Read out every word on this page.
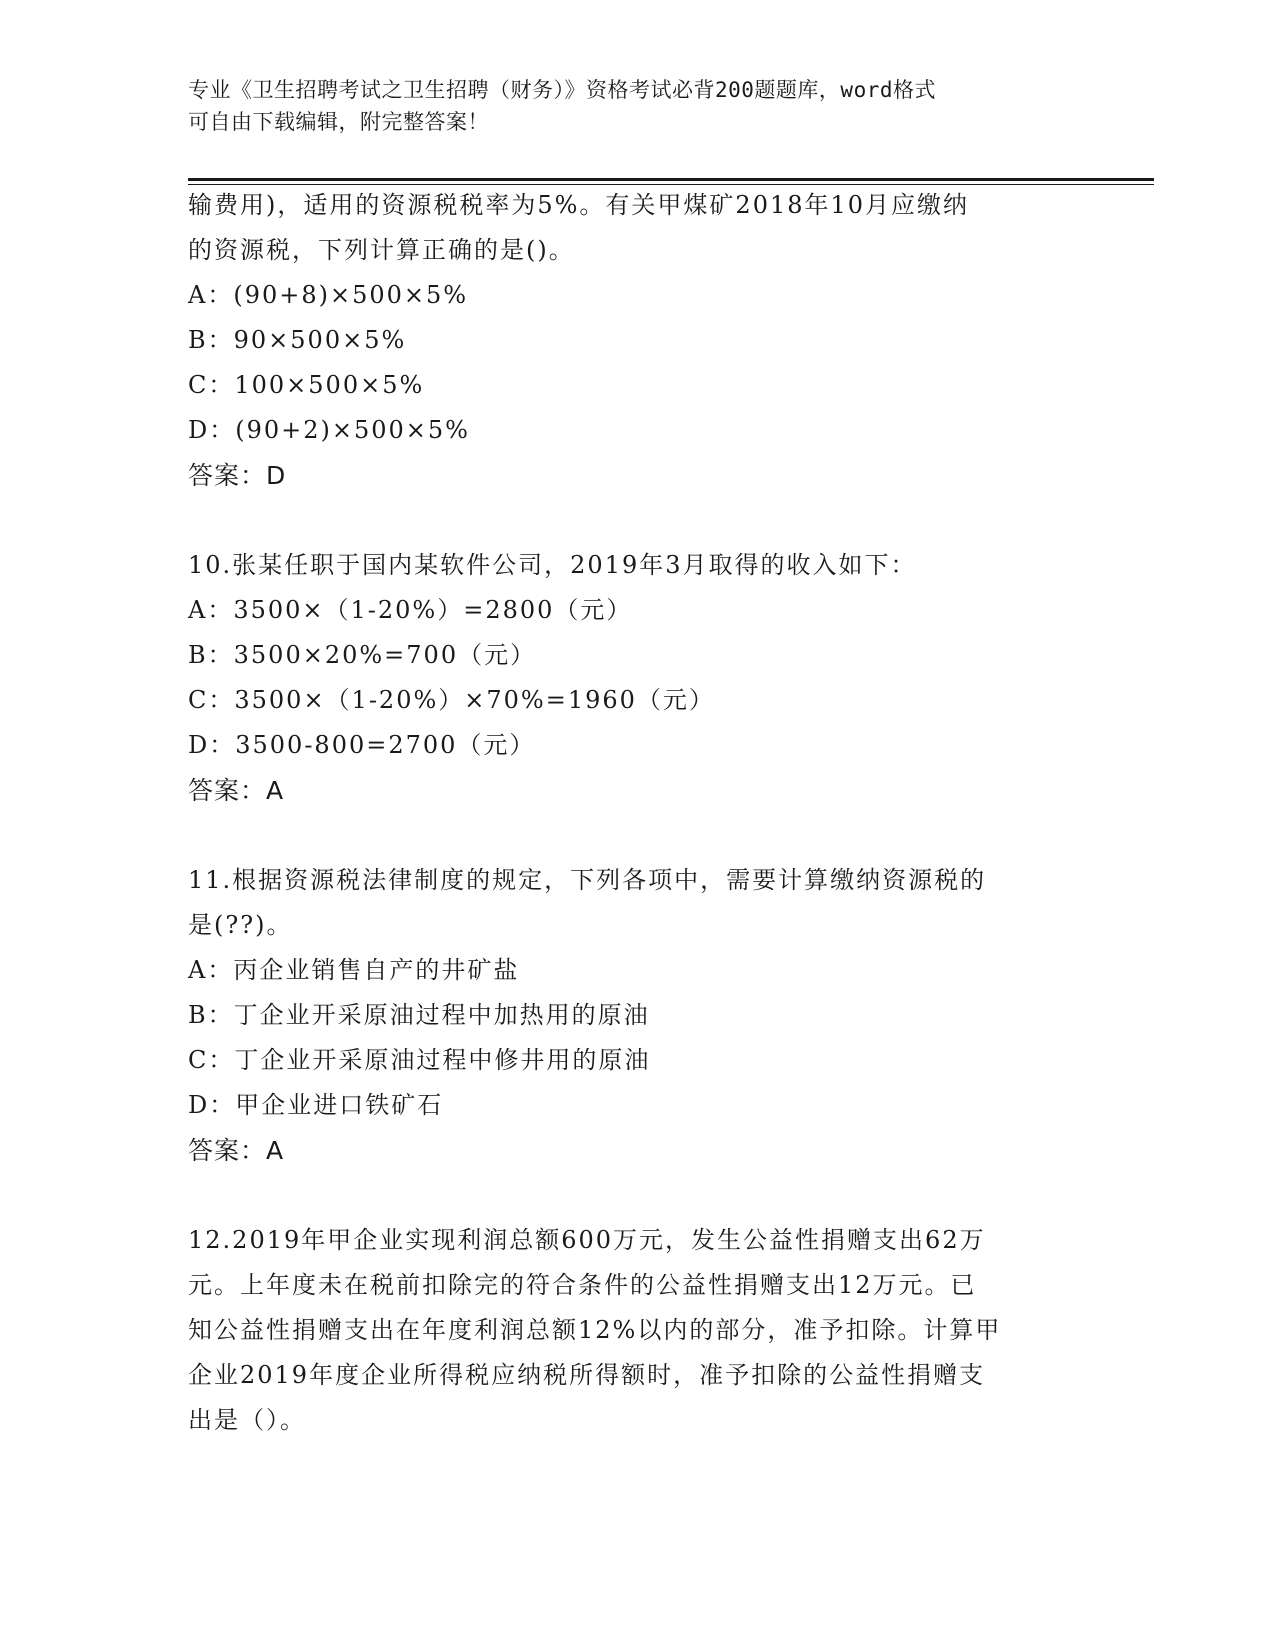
专业《卫生招聘考试之卫生招聘（财务）》资格考试必背200题题库，word格式
可自由下载编辑，附完整答案！
输费用)，适用的资源税税率为5%。有关甲煤矿2018年10月应缴纳
的资源税，下列计算正确的是()。
A：(90+8)×500×5%
B：90×500×5%
C：100×500×5%
D：(90+2)×500×5%
答案：D
10.张某任职于国内某软件公司，2019年3月取得的收入如下：
A：3500×（1-20%）=2800（元）
B：3500×20%=700（元）
C：3500×（1-20%）×70%=1960（元）
D：3500-800=2700（元）
答案：A
11.根据资源税法律制度的规定，下列各项中，需要计算缴纳资源税的
是(??)。
A：丙企业销售自产的井矿盐
B：丁企业开采原油过程中加热用的原油
C：丁企业开采原油过程中修井用的原油
D：甲企业进口铁矿石
答案：A
12.2019年甲企业实现利润总额600万元，发生公益性捐赠支出62万
元。上年度未在税前扣除完的符合条件的公益性捐赠支出12万元。已
知公益性捐赠支出在年度利润总额12%以内的部分，准予扣除。计算甲
企业2019年度企业所得税应纳税所得额时，准予扣除的公益性捐赠支
出是（）。
